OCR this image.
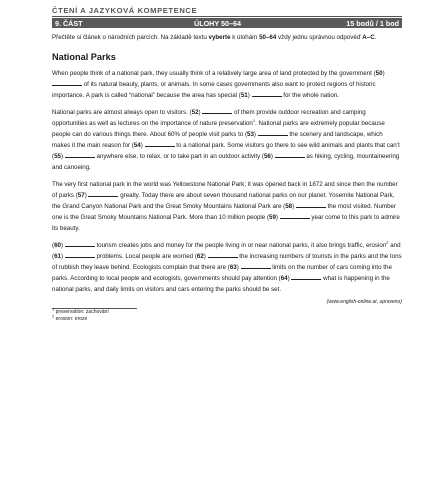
ČTENÍ A JAZYKOVÁ KOMPETENCE
9. ČÁST	ÚLOHY 50–64	15 bodů / 1 bod
Přečtěte si článek o národních parcích. Na základě textu vyberte k úlohám 50–64 vždy jednu správnou odpověď A–C.
National Parks

When people think of a national park, they usually think of a relatively large area of land protected by the government (50)  of its natural beauty, plants, or animals. In some cases governments also want to protect regions of historic importance. A park is called “national” because the area has special (51)	for the whole nation.

National parks are almost always open to visitors. (52)	of them provide outdoor recreation and camping opportunities as well as lectures on the importance of nature preservation$^1$. National parks are extremely popular because people can do various things there. About 60% of people visit parks to (53)	the scenery and landscape, which makes it the main reason for (54)	to a national park. Some visitors go there to see wild animals and plants that can’t (55)	anywhere else, to relax, or to take part in an outdoor activity (56)	as hiking, cycling, mountaineering and canoeing.

The very first national park in the world was Yellowstone National Park; it was opened back in 1872 and since then the number of parks (57)	greatly. Today there are about seven thousand national parks on our planet. Yosemite National Park, the Grand Canyon National Park and the Great Smoky Mountains National Park are (58)	the most visited. Number one is the Great Smoky Mountains National Park. More than 10 million people (59)	year come to this park to admire its beauty.

(60)	tourism creates jobs and money for the people living in or near national parks, it also brings traffic, erosion$^2$ and (61)	problems. Local people are worried (62)	the increasing numbers of tourists in the parks and the tons of rubbish they leave behind. Ecologists complain that there are (63)	limits on the number of cars coming into the parks. According to local people and ecologists, governments should pay attention (64)	what is happening in the national parks, and daily limits on visitors and cars entering the parks should be set.

(www.english-online.at, upraveno)
$^1$ preservation: zachování
$^2$ erosion: eroze
